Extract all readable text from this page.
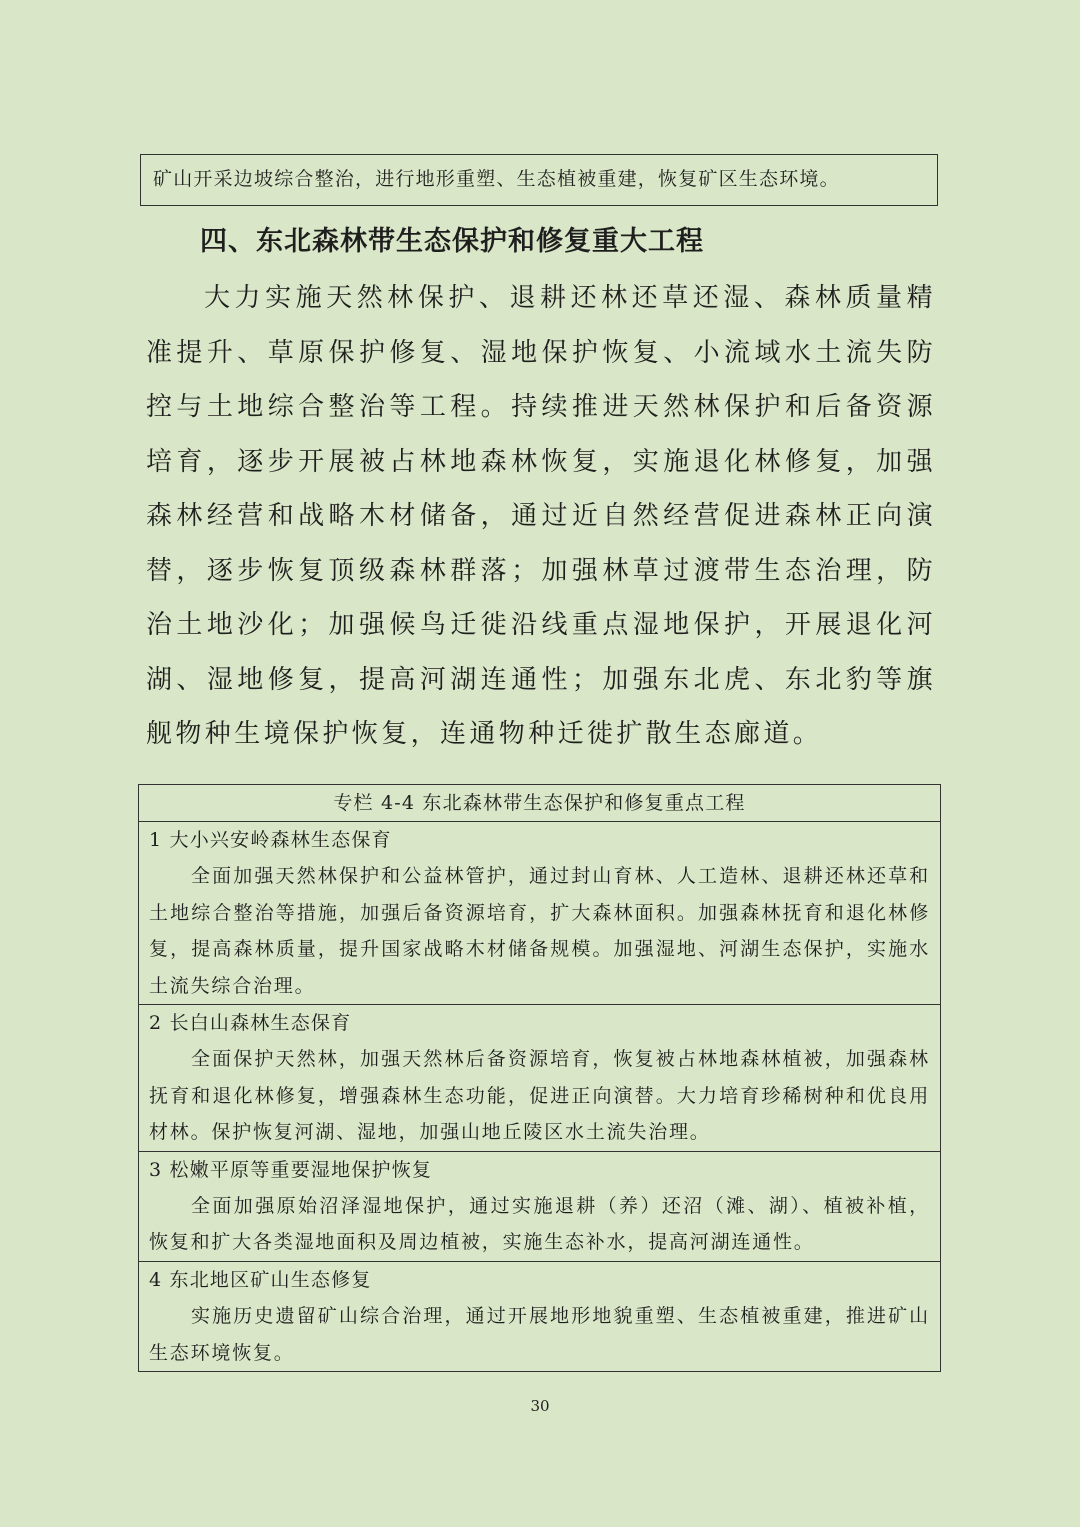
矿山开采边坡综合整治，进行地形重塑、生态植被重建，恢复矿区生态环境。
四、东北森林带生态保护和修复重大工程

大力实施天然林保护、退耕还林还草还湿、森林质量精准提升、草原保护修复、湿地保护恢复、小流域水土流失防控与土地综合整治等工程。持续推进天然林保护和后备资源培育，逐步开展被占林地森林恢复，实施退化林修复，加强森林经营和战略木材储备，通过近自然经营促进森林正向演替，逐步恢复顶级森林群落；加强林草过渡带生态治理，防治土地沙化；加强候鸟迁徙沿线重点湿地保护，开展退化河湖、湿地修复，提高河湖连通性；加强东北虎、东北豹等旗舰物种生境保护恢复，连通物种迁徙扩散生态廊道。

专栏 4-4 东北森林带生态保护和修复重点工程
1 大小兴安岭森林生态保育

全面加强天然林保护和公益林管护，通过封山育林、人工造林、退耕还林还草和土地综合整治等措施，加强后备资源培育，扩大森林面积。加强森林抚育和退化林修复，提高森林质量，提升国家战略木材储备规模。加强湿地、河湖生态保护，实施水土流失综合治理。

2 长白山森林生态保育

全面保护天然林，加强天然林后备资源培育，恢复被占林地森林植被，加强森林抚育和退化林修复，增强森林生态功能，促进正向演替。大力培育珍稀树种和优良用材林。保护恢复河湖、湿地，加强山地丘陵区水土流失治理。

3 松嫩平原等重要湿地保护恢复

全面加强原始沼泽湿地保护，通过实施退耕（养）还沼（滩、湖）、植被补植，恢复和扩大各类湿地面积及周边植被，实施生态补水，提高河湖连通性。

4 东北地区矿山生态修复

实施历史遗留矿山综合治理，通过开展地形地貌重塑、生态植被重建，推进矿山生态环境恢复。

30
